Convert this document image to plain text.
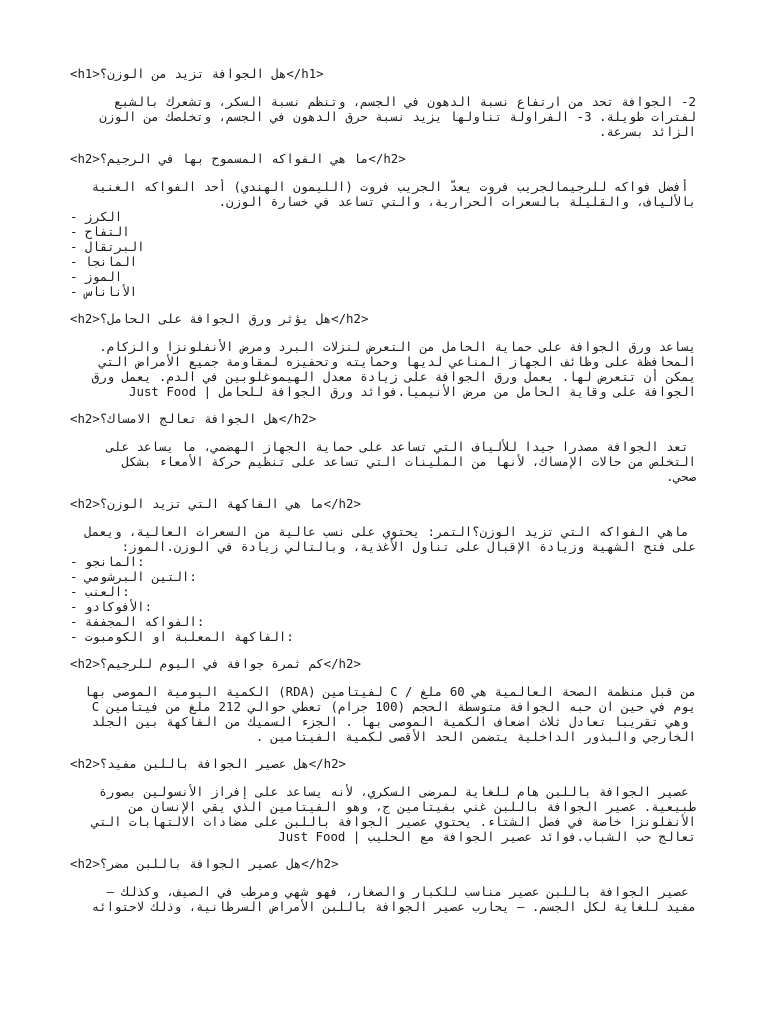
<h1>هل الجوافة تزيد من الوزن؟</h1>
2- الجوافة تحد من ارتفاع نسبة الدهون في الجسم، وتنظم نسبة السكر، وتشعرك بالشبع
لفترات طويلة. 3- الفراولة تناولها يزيد نسبة حرق الدهون في الجسم، وتخلصك من الوزن
الزائد بسرعة.
<h2>ما هي الفواكه المسموح بها في الرجيم؟</h2>
أفضل فواكه للرجيمالجريب فروت يعدّ الجريب فروت (الليمون الهندي) أحد الفواكه الغنية
بالألياف، والقليلة بالسعرات الحرارية، والتي تساعد في خسارة الوزن.
- الكرز
- التفاح
- البرتقال
- المانجا
- الموز
- الأناناس
<h2>هل يؤثر ورق الجوافة على الحامل؟</h2>
يساعد ورق الجوافة على حماية الحامل من التعرض لنزلات البرد ومرض الأنفلونزا والزكام.
المحافظة على وظائف الجهاز المناعي لديها وحمايته وتحفيزه لمقاومة جميع الأمراض التي
يمكن أن تتعرض لها. يعمل ورق الجوافة على زيادة معدل الهيموغلوبين في الدم. يعمل ورق
الجوافة على وقاية الحامل من مرض الأنيميا.فوائد ورق الجوافة للحامل | Just Food
<h2>هل الجوافة تعالج الامساك؟</h2>
تعد الجوافة مصدرا جيدا للألياف التي تساعد على حماية الجهاز الهضمي، ما يساعد على
التخلص من حالات الإمساك، لأنها من الملينات التي تساعد على تنظيم حركة الأمعاء بشكل
صحي.
<h2>ما هي الفاكهة التي تزيد الوزن؟</h2>
ماهي الفواكه التي تزيد الوزن؟التمر: يحتوي على نسب عالية من السعرات العالية، ويعمل
على فتح الشهية وزيادة الإقبال على تناول الأغذية، وبالتالي زيادة في الوزن.الموز:
- المانجو:
- التين البرشومي:
- العنب:
- الأفوكادو:
- الفواكه المجففة:
- الفاكهة المعلبة او الكومبوت:
<h2>كم ثمرة جوافة في اليوم للرجيم؟</h2>
من قبل منظمة الصحة العالمية هي 60 ملغ / C لفيتامين (RDA) الكمية اليومية الموصى بها
C يوم في حين ان حبه الجوافة متوسطة الحجم (100 جرام) تعطي حوالي 212 ملغ من فيتامين
وهي تقريبا تعادل ثلاث اضعاف الكمية الموصى بها . الجزء السميك من الفاكهة بين الجلد
الخارجي والبذور الداخلية يتضمن الحد الأقصى لكمية الفيتامين .
<h2>هل عصير الجوافة باللبن مفيد؟</h2>
عصير الجوافة باللبن هام للغاية لمرضى السكري، لأنه يساعد على إفراز الأنسولين بصورة
طبيعية. عصير الجوافة باللبن غني بفيتامين ج، وهو الفيتامين الذي يقي الإنسان من
الأنفلونزا خاصة في فصل الشتاء. يحتوي عصير الجوافة باللبن على مضادات الالتهابات التي
تعالج حب الشباب.فوائد عصير الجوافة مع الحليب | Just Food
<h2>هل عصير الجوافة باللبن مضر؟</h2>
عصير الجوافة باللبن عصير مناسب للكبار والصغار، فهو شهي ومرطب في الصيف، وكذلك –
مفيد للغاية لكل الجسم. – يحارب عصير الجوافة باللبن الأمراض السرطانية، وذلك لاحتوائه
